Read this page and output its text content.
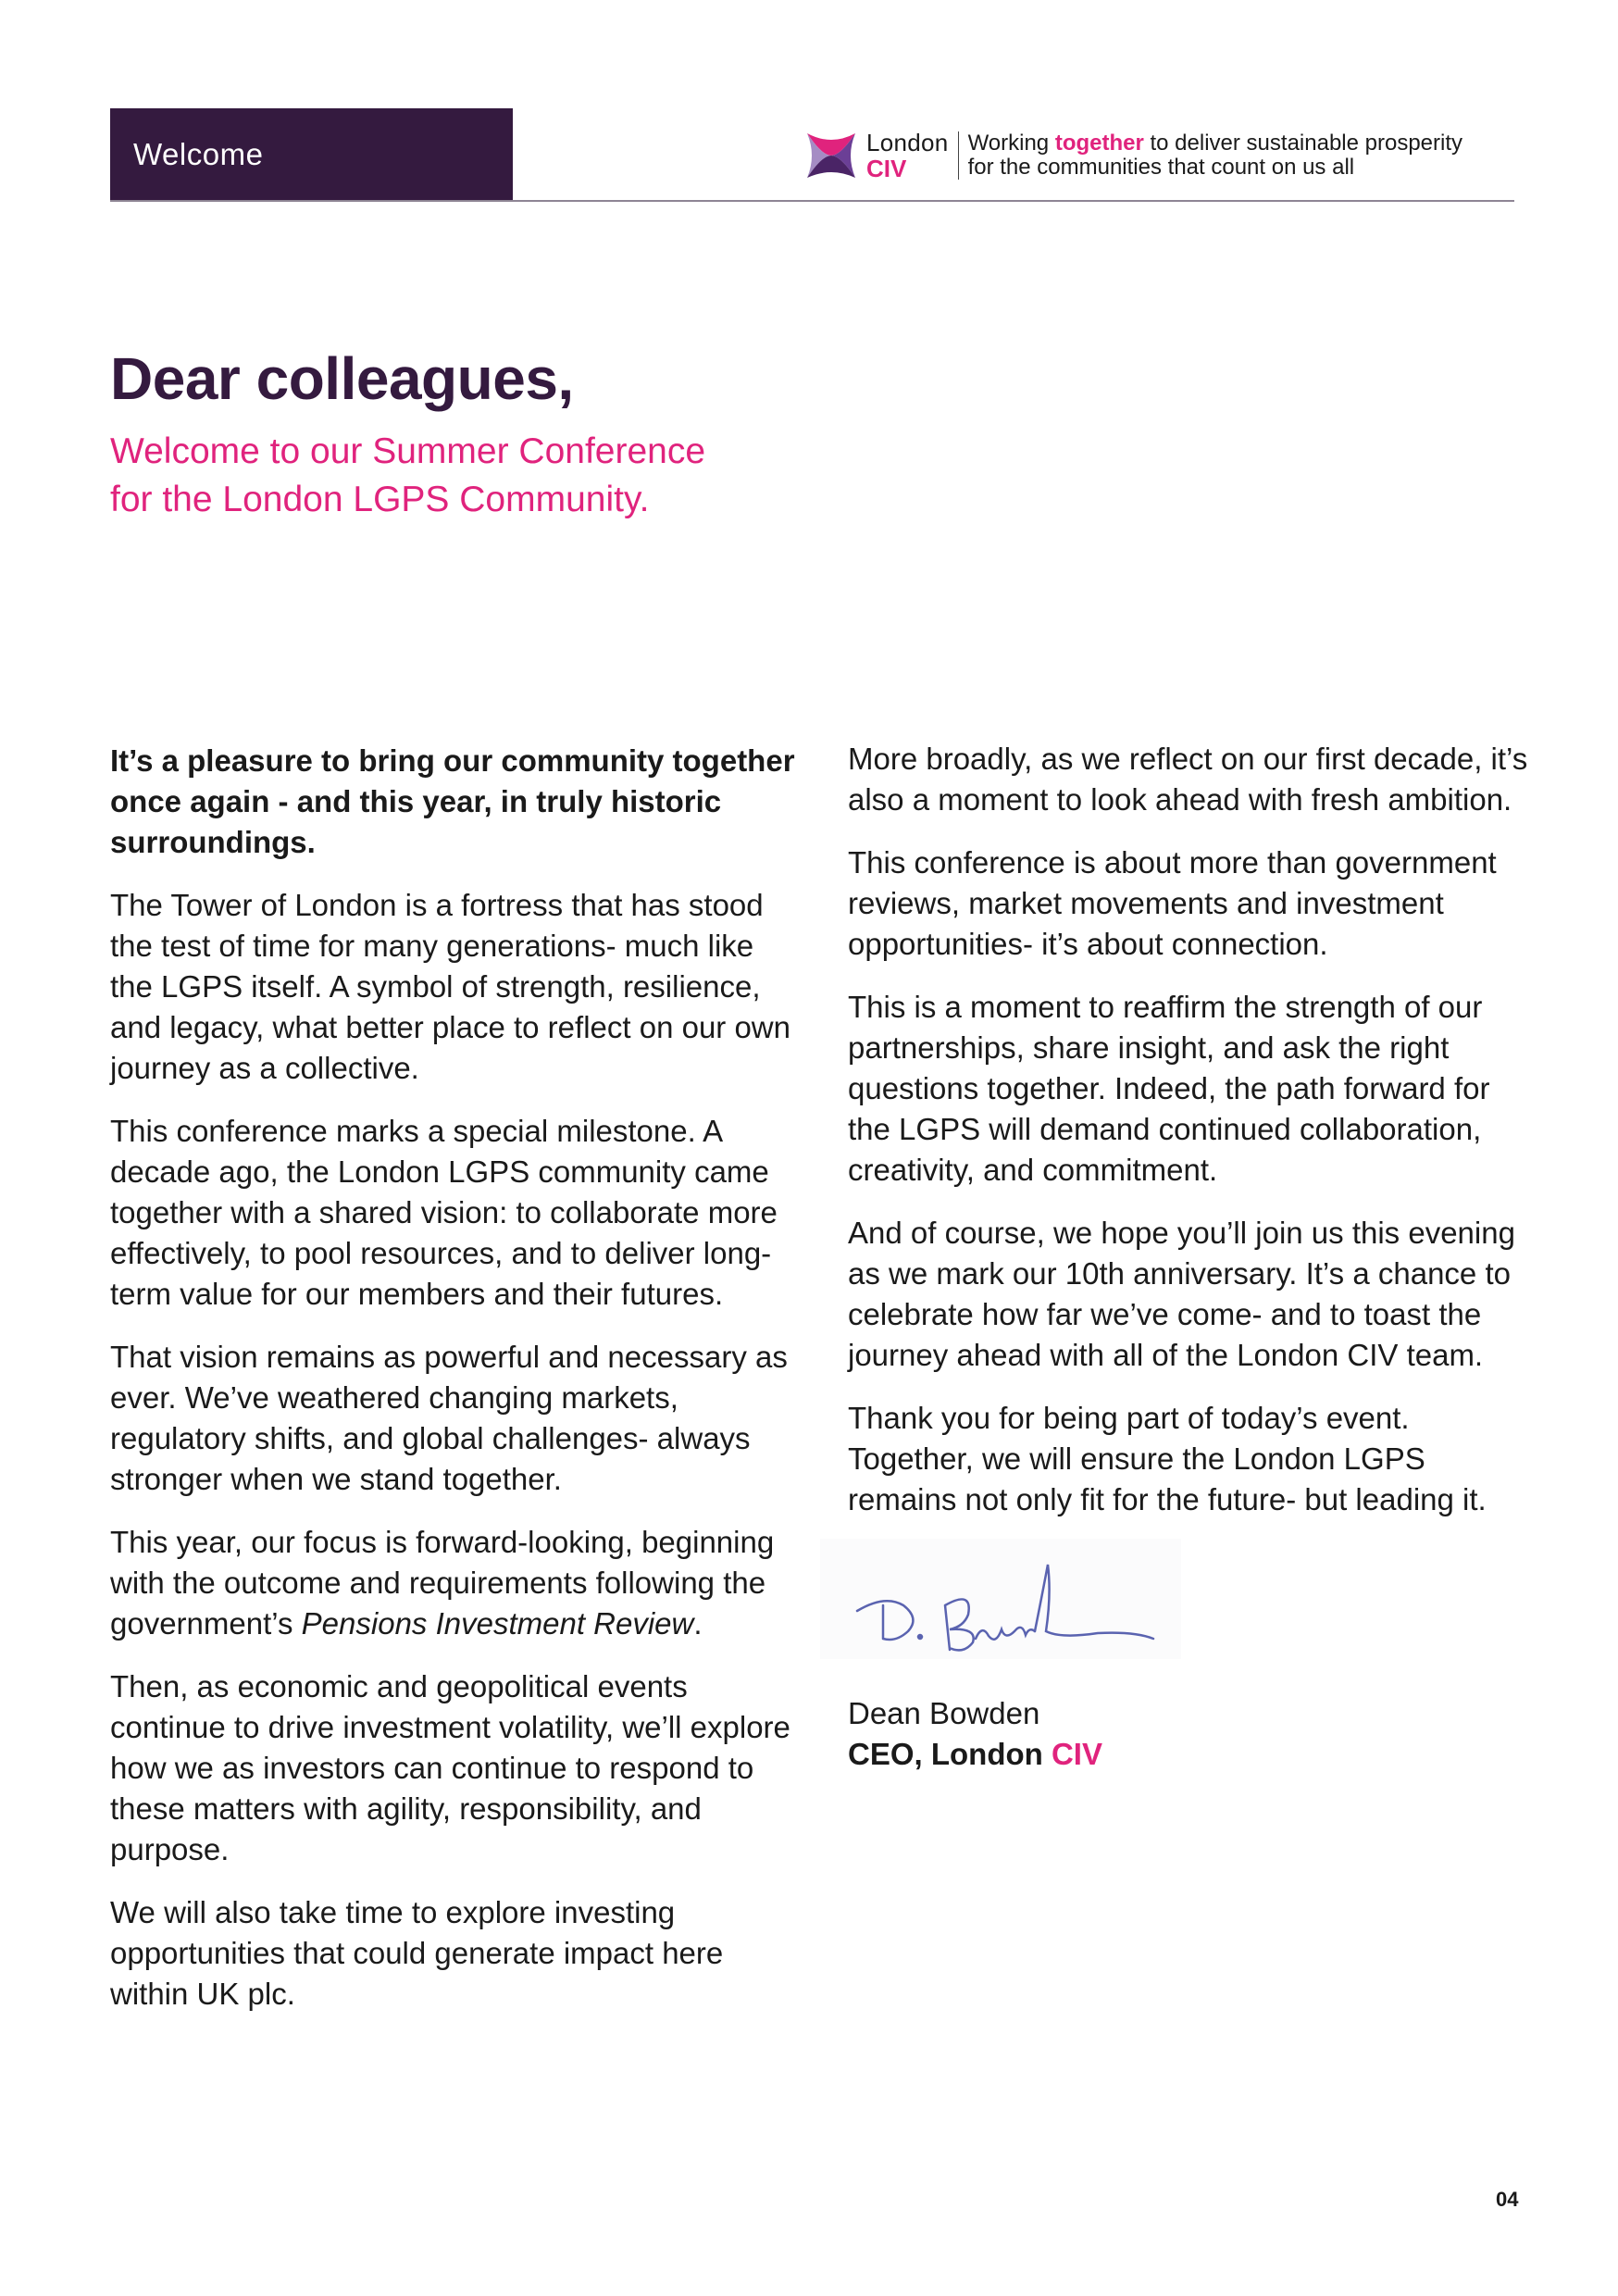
Welcome	London
CIV
Working together to deliver sustainable prosperity
for the communities that count on us all
Dear colleagues,
Welcome to our Summer Conference
for the London LGPS Community.

It’s a pleasure to bring our community together once again - and this year, in truly historic surroundings.

The Tower of London is a fortress that has stood the test of time for many generations- much like the LGPS itself. A symbol of strength, resilience, and legacy, what better place to reflect on our own journey as a collective.

This conference marks a special milestone. A decade ago, the London LGPS community came together with a shared vision: to collaborate more effectively, to pool resources, and to deliver long-term value for our members and their futures.

That vision remains as powerful and necessary as ever. We’ve weathered changing markets, regulatory shifts, and global challenges- always stronger when we stand together.

This year, our focus is forward-looking, beginning with the outcome and requirements following the government’s Pensions Investment Review.

Then, as economic and geopolitical events continue to drive investment volatility, we’ll explore how we as investors can continue to respond to these matters with agility, responsibility, and purpose.

We will also take time to explore investing opportunities that could generate impact here within UK plc.

More broadly, as we reflect on our first decade, it’s also a moment to look ahead with fresh ambition.

This conference is about more than government reviews, market movements and investment opportunities- it’s about connection.

This is a moment to reaffirm the strength of our partnerships, share insight, and ask the right questions together. Indeed, the path forward for the LGPS will demand continued collaboration, creativity, and commitment.

And of course, we hope you’ll join us this evening as we mark our 10th anniversary. It’s a chance to celebrate how far we’ve come- and to toast the journey ahead with all of the London CIV team.

Thank you for being part of today’s event. Together, we will ensure the London LGPS remains not only fit for the future- but leading it.

Dean Bowden
CEO, London CIV
04
